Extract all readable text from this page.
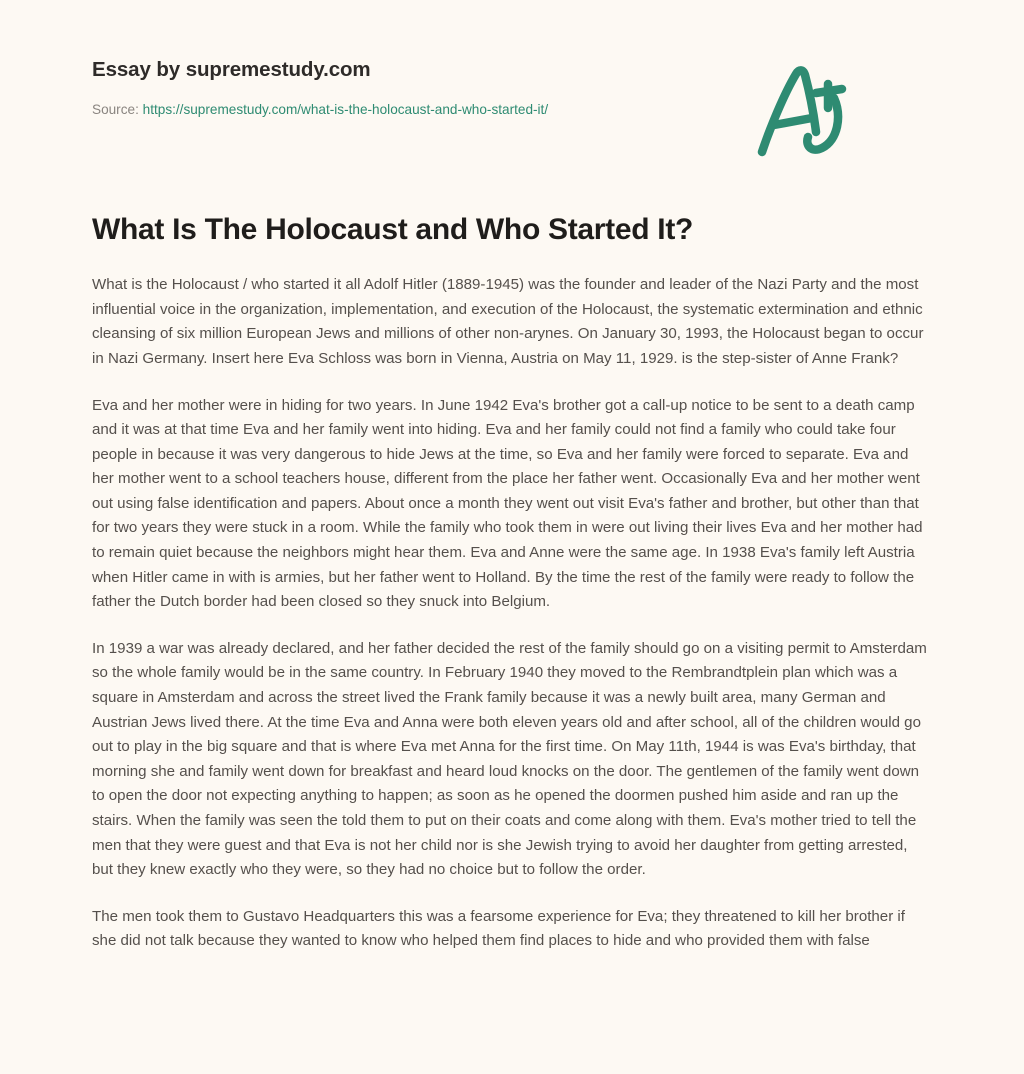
Essay by supremestudy.com
Source: https://supremestudy.com/what-is-the-holocaust-and-who-started-it/
What Is The Holocaust and Who Started It?

What is the Holocaust / who started it all Adolf Hitler (1889-1945) was the founder and leader of the Nazi Party and the most influential voice in the organization, implementation, and execution of the Holocaust, the systematic extermination and ethnic cleansing of six million European Jews and millions of other non-arynes. On January 30, 1993, the Holocaust began to occur in Nazi Germany. Insert here Eva Schloss was born in Vienna, Austria on May 11, 1929. is the step-sister of Anne Frank?

Eva and her mother were in hiding for two years. In June 1942 Eva's brother got a call-up notice to be sent to a death camp and it was at that time Eva and her family went into hiding. Eva and her family could not find a family who could take four people in because it was very dangerous to hide Jews at the time, so Eva and her family were forced to separate. Eva and her mother went to a school teachers house, different from the place her father went. Occasionally Eva and her mother went out using false identification and papers. About once a month they went out visit Eva's father and brother, but other than that for two years they were stuck in a room. While the family who took them in were out living their lives Eva and her mother had to remain quiet because the neighbors might hear them. Eva and Anne were the same age. In 1938 Eva's family left Austria when Hitler came in with is armies, but her father went to Holland. By the time the rest of the family were ready to follow the father the Dutch border had been closed so they snuck into Belgium.

In 1939 a war was already declared, and her father decided the rest of the family should go on a visiting permit to Amsterdam so the whole family would be in the same country. In February 1940 they moved to the Rembrandtplein plan which was a square in Amsterdam and across the street lived the Frank family because it was a newly built area, many German and Austrian Jews lived there. At the time Eva and Anna were both eleven years old and after school, all of the children would go out to play in the big square and that is where Eva met Anna for the first time. On May 11th, 1944 is was Eva's birthday, that morning she and family went down for breakfast and heard loud knocks on the door. The gentlemen of the family went down to open the door not expecting anything to happen; as soon as he opened the doormen pushed him aside and ran up the stairs. When the family was seen the told them to put on their coats and come along with them. Eva's mother tried to tell the men that they were guest and that Eva is not her child nor is she Jewish trying to avoid her daughter from getting arrested, but they knew exactly who they were, so they had no choice but to follow the order.

The men took them to Gustavo Headquarters this was a fearsome experience for Eva; they threatened to kill her brother if she did not talk because they wanted to know who helped them find places to hide and who provided them with false
